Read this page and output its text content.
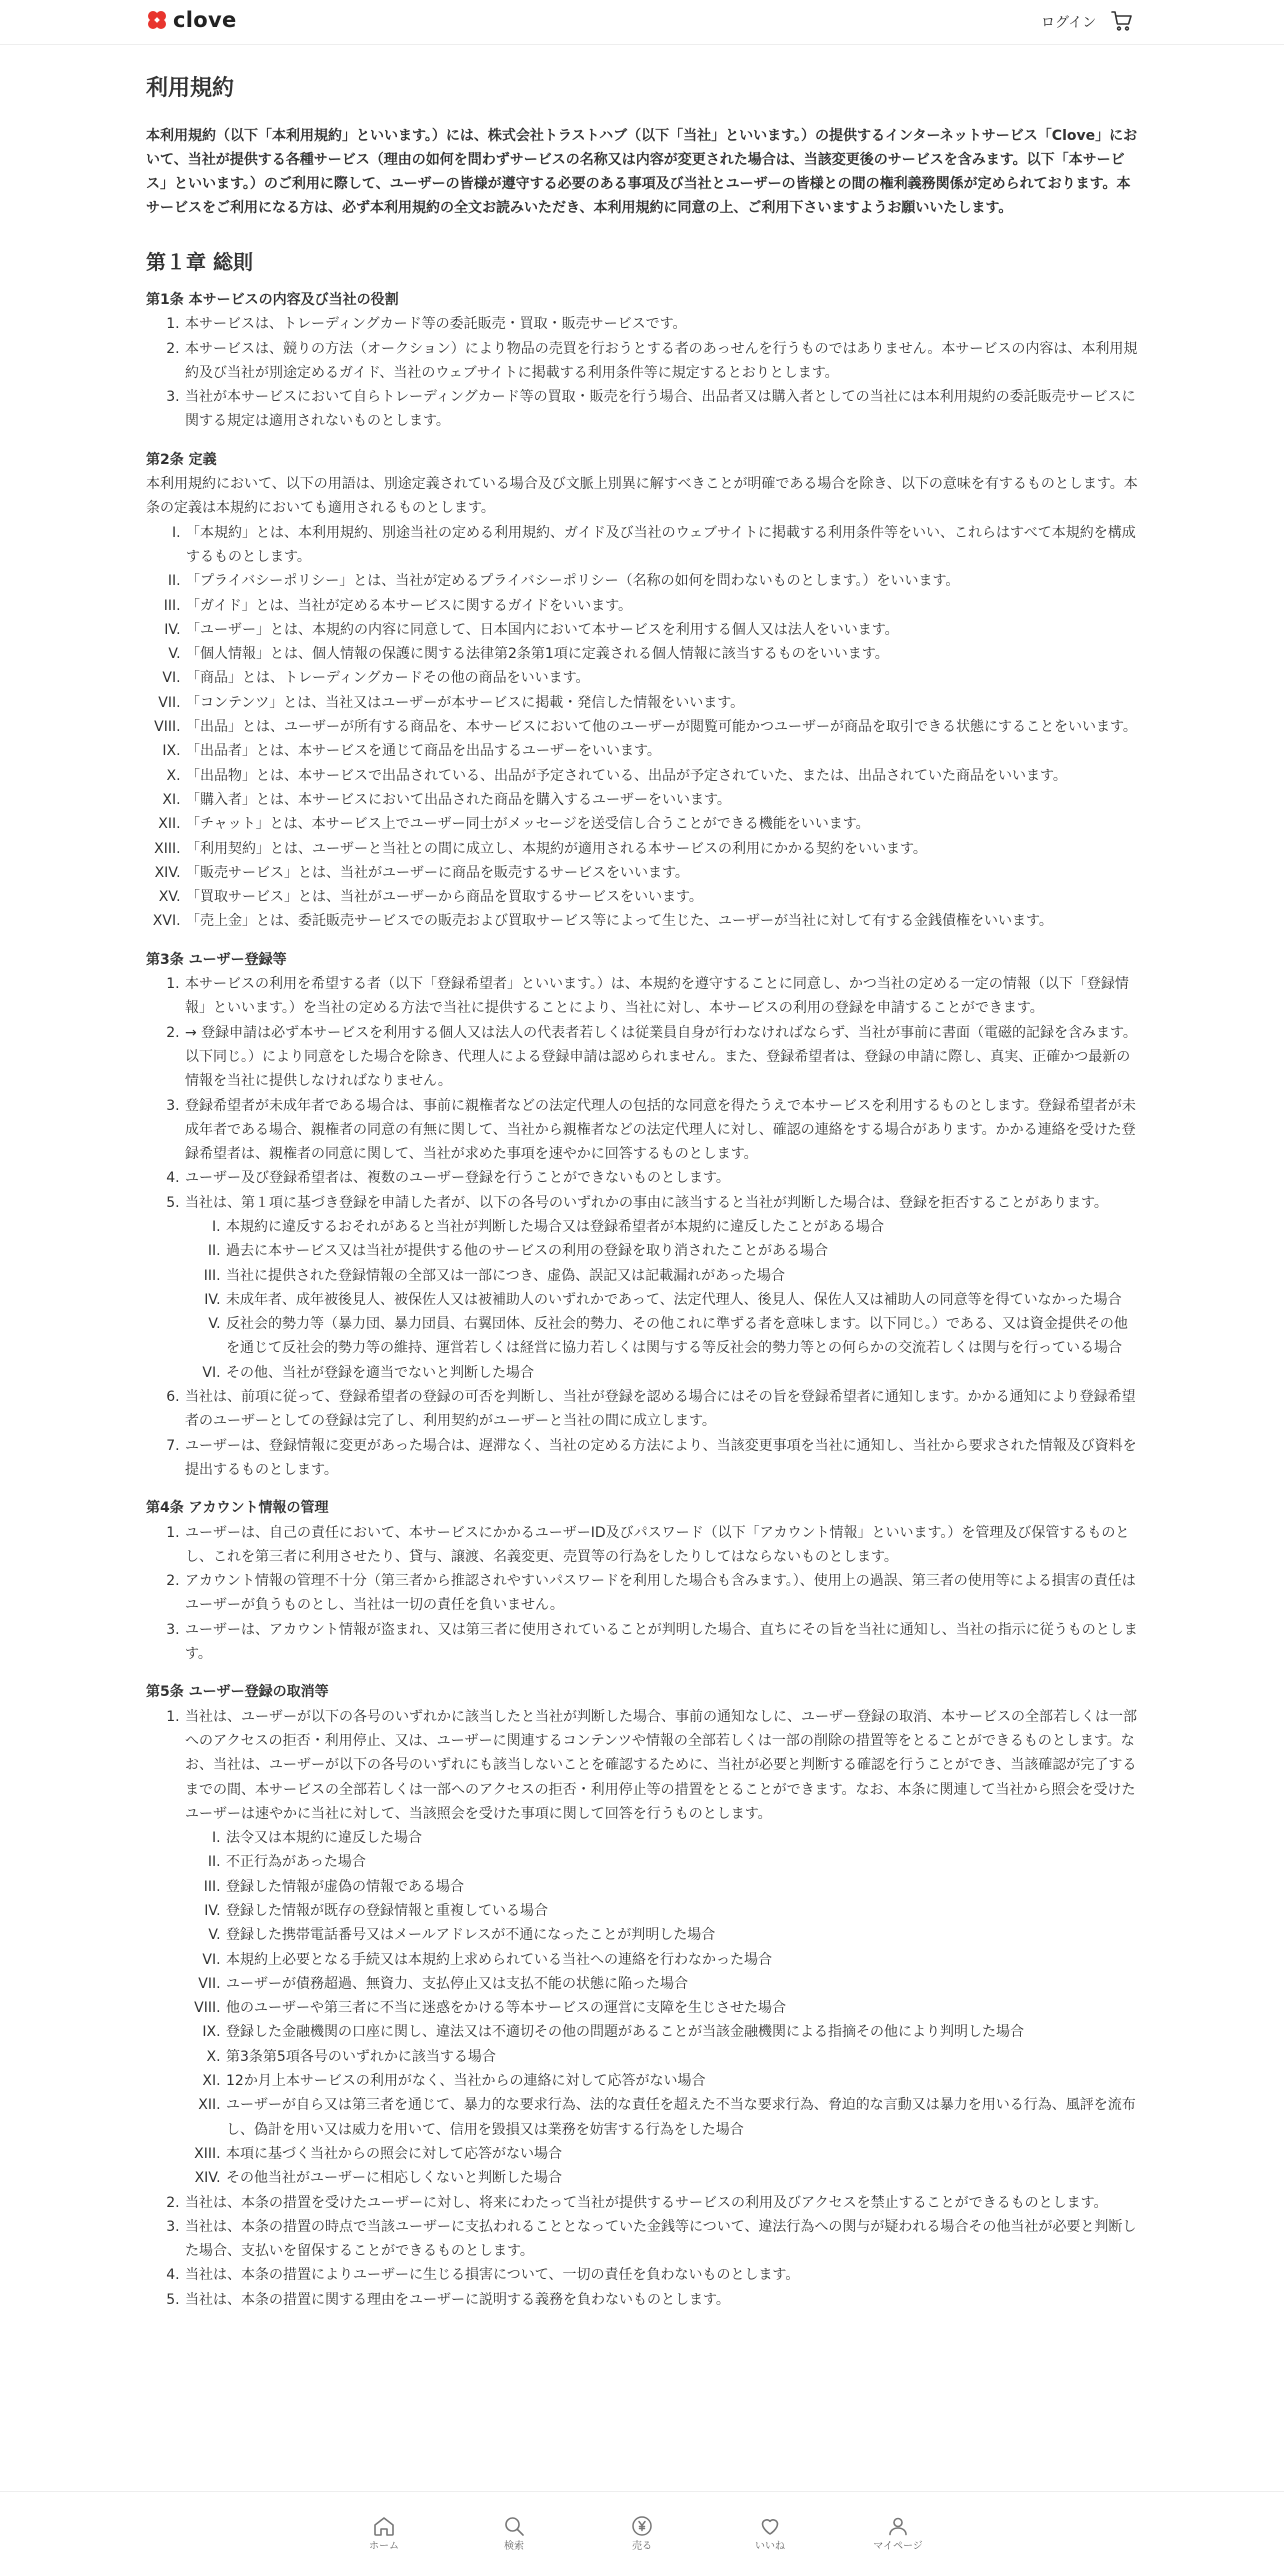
clove	ログイン
利用規約

本利用規約（以下「本利用規約」といいます。）には、株式会社トラストハブ（以下「当社」といいます。）の提供するインターネットサービス「Clove」において、当社が提供する各種サービス（理由の如何を問わずサービスの名称又は内容が変更された場合は、当該変更後のサービスを含みます。以下「本サービス」といいます。）のご利用に際して、ユーザーの皆様が遵守する必要のある事項及び当社とユーザーの皆様との間の権利義務関係が定められております。本サービスをご利用になる方は、必ず本利用規約の全文お読みいただき、本利用規約に同意の上、ご利用下さいますようお願いいたします。

第１章 総則

第1条 本サービスの内容及び当社の役割

1. 本サービスは、トレーディングカード等の委託販売・買取・販売サービスです。
2. 本サービスは、競りの方法（オークション）により物品の売買を行おうとする者のあっせんを行うものではありません。本サービスの内容は、本利用規約及び当社が別途定めるガイド、当社のウェブサイトに掲載する利用条件等に規定するとおりとします。
3. 当社が本サービスにおいて自らトレーディングカード等の買取・販売を行う場合、出品者又は購入者としての当社には本利用規約の委託販売サービスに関する規定は適用されないものとします。

第2条 定義

本利用規約において、以下の用語は、別途定義されている場合及び文脈上別異に解すべきことが明確である場合を除き、以下の意味を有するものとします。本条の定義は本規約においても適用されるものとします。

I. 「本規約」とは、本利用規約、別途当社の定める利用規約、ガイド及び当社のウェブサイトに掲載する利用条件等をいい、これらはすべて本規約を構成するものとします。
II. 「プライバシーポリシー」とは、当社が定めるプライバシーポリシー（名称の如何を問わないものとします。）をいいます。
III. 「ガイド」とは、当社が定める本サービスに関するガイドをいいます。
IV. 「ユーザー」とは、本規約の内容に同意して、日本国内において本サービスを利用する個人又は法人をいいます。
V. 「個人情報」とは、個人情報の保護に関する法律第2条第1項に定義される個人情報に該当するものをいいます。
VI. 「商品」とは、トレーディングカードその他の商品をいいます。
VII. 「コンテンツ」とは、当社又はユーザーが本サービスに掲載・発信した情報をいいます。
VIII. 「出品」とは、ユーザーが所有する商品を、本サービスにおいて他のユーザーが閲覧可能かつユーザーが商品を取引できる状態にすることをいいます。
IX. 「出品者」とは、本サービスを通じて商品を出品するユーザーをいいます。
X. 「出品物」とは、本サービスで出品されている、出品が予定されている、出品が予定されていた、または、出品されていた商品をいいます。
XI. 「購入者」とは、本サービスにおいて出品された商品を購入するユーザーをいいます。
XII. 「チャット」とは、本サービス上でユーザー同士がメッセージを送受信し合うことができる機能をいいます。
XIII. 「利用契約」とは、ユーザーと当社との間に成立し、本規約が適用される本サービスの利用にかかる契約をいいます。
XIV. 「販売サービス」とは、当社がユーザーに商品を販売するサービスをいいます。
XV. 「買取サービス」とは、当社がユーザーから商品を買取するサービスをいいます。
XVI. 「売上金」とは、委託販売サービスでの販売および買取サービス等によって生じた、ユーザーが当社に対して有する金銭債権をいいます。

第3条 ユーザー登録等

1. 本サービスの利用を希望する者（以下「登録希望者」といいます。）は、本規約を遵守することに同意し、かつ当社の定める一定の情報（以下「登録情報」といいます。）を当社の定める方法で当社に提供することにより、当社に対し、本サービスの利用の登録を申請することができます。
2. → 登録申請は必ず本サービスを利用する個人又は法人の代表者若しくは従業員自身が行わなければならず、当社が事前に書面（電磁的記録を含みます。以下同じ。）により同意をした場合を除き、代理人による登録申請は認められません。また、登録希望者は、登録の申請に際し、真実、正確かつ最新の情報を当社に提供しなければなりません。
3. 登録希望者が未成年者である場合は、事前に親権者などの法定代理人の包括的な同意を得たうえで本サービスを利用するものとします。登録希望者が未成年者である場合、親権者の同意の有無に関して、当社から親権者などの法定代理人に対し、確認の連絡をする場合があります。かかる連絡を受けた登録希望者は、親権者の同意に関して、当社が求めた事項を速やかに回答するものとします。
4. ユーザー及び登録希望者は、複数のユーザー登録を行うことができないものとします。
5. 当社は、第１項に基づき登録を申請した者が、以下の各号のいずれかの事由に該当すると当社が判断した場合は、登録を拒否することがあります。
I. 本規約に違反するおそれがあると当社が判断した場合又は登録希望者が本規約に違反したことがある場合
II. 過去に本サービス又は当社が提供する他のサービスの利用の登録を取り消されたことがある場合
III. 当社に提供された登録情報の全部又は一部につき、虚偽、誤記又は記載漏れがあった場合
IV. 未成年者、成年被後見人、被保佐人又は被補助人のいずれかであって、法定代理人、後見人、保佐人又は補助人の同意等を得ていなかった場合
V. 反社会的勢力等（暴力団、暴力団員、右翼団体、反社会的勢力、その他これに準ずる者を意味します。以下同じ。）である、又は資金提供その他を通じて反社会的勢力等の維持、運営若しくは経営に協力若しくは関与する等反社会的勢力等との何らかの交流若しくは関与を行っている場合
VI. その他、当社が登録を適当でないと判断した場合
6. 当社は、前項に従って、登録希望者の登録の可否を判断し、当社が登録を認める場合にはその旨を登録希望者に通知します。かかる通知により登録希望者のユーザーとしての登録は完了し、利用契約がユーザーと当社の間に成立します。
7. ユーザーは、登録情報に変更があった場合は、遅滞なく、当社の定める方法により、当該変更事項を当社に通知し、当社から要求された情報及び資料を提出するものとします。

第4条 アカウント情報の管理

1. ユーザーは、自己の責任において、本サービスにかかるユーザーID及びパスワード（以下「アカウント情報」といいます。）を管理及び保管するものとし、これを第三者に利用させたり、貸与、譲渡、名義変更、売買等の行為をしたりしてはならないものとします。
2. アカウント情報の管理不十分（第三者から推認されやすいパスワードを利用した場合も含みます。）、使用上の過誤、第三者の使用等による損害の責任はユーザーが負うものとし、当社は一切の責任を負いません。
3. ユーザーは、アカウント情報が盗まれ、又は第三者に使用されていることが判明した場合、直ちにその旨を当社に通知し、当社の指示に従うものとします。

第5条 ユーザー登録の取消等

1. 当社は、ユーザーが以下の各号のいずれかに該当したと当社が判断した場合、事前の通知なしに、ユーザー登録の取消、本サービスの全部若しくは一部へのアクセスの拒否・利用停止、又は、ユーザーに関連するコンテンツや情報の全部若しくは一部の削除の措置等をとることができるものとします。なお、当社は、ユーザーが以下の各号のいずれにも該当しないことを確認するために、当社が必要と判断する確認を行うことができ、当該確認が完了するまでの間、本サービスの全部若しくは一部へのアクセスの拒否・利用停止等の措置をとることができます。なお、本条に関連して当社から照会を受けたユーザーは速やかに当社に対して、当該照会を受けた事項に関して回答を行うものとします。
I. 法令又は本規約に違反した場合
II. 不正行為があった場合
III. 登録した情報が虚偽の情報である場合
IV. 登録した情報が既存の登録情報と重複している場合
V. 登録した携帯電話番号又はメールアドレスが不通になったことが判明した場合
VI. 本規約上必要となる手続又は本規約上求められている当社への連絡を行わなかった場合
VII. ユーザーが債務超過、無資力、支払停止又は支払不能の状態に陥った場合
VIII. 他のユーザーや第三者に不当に迷惑をかける等本サービスの運営に支障を生じさせた場合
IX. 登録した金融機関の口座に関し、違法又は不適切その他の問題があることが当該金融機関による指摘その他により判明した場合
X. 第3条第5項各号のいずれかに該当する場合
XI. 12か月上本サービスの利用がなく、当社からの連絡に対して応答がない場合
XII. ユーザーが自ら又は第三者を通じて、暴力的な要求行為、法的な責任を超えた不当な要求行為、脅迫的な言動又は暴力を用いる行為、風評を流布し、偽計を用い又は威力を用いて、信用を毀損又は業務を妨害する行為をした場合
XIII. 本項に基づく当社からの照会に対して応答がない場合
XIV. その他当社がユーザーに相応しくないと判断した場合
2. 当社は、本条の措置を受けたユーザーに対し、将来にわたって当社が提供するサービスの利用及びアクセスを禁止することができるものとします。
3. 当社は、本条の措置の時点で当該ユーザーに支払われることとなっていた金銭等について、違法行為への関与が疑われる場合その他当社が必要と判断した場合、支払いを留保することができるものとします。
4. 当社は、本条の措置によりユーザーに生じる損害について、一切の責任を負わないものとします。
5. 当社は、本条の措置に関する理由をユーザーに説明する義務を負わないものとします。
ホーム	検索	売る	いいね	マイページ
